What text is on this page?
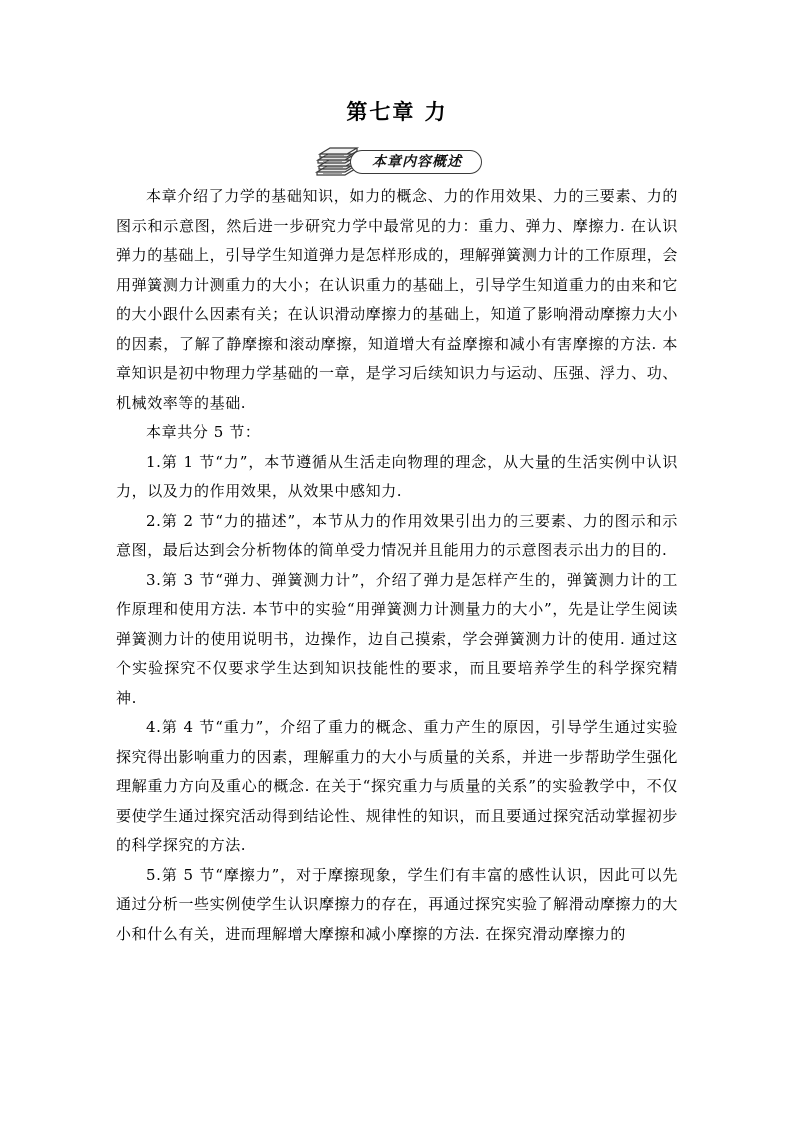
第七章 力
本章内容概述

本章介绍了力学的基础知识，如力的概念、力的作用效果、力的三要素、力的图示和示意图，然后进一步研究力学中最常见的力：重力、弹力、摩擦力. 在认识弹力的基础上，引导学生知道弹力是怎样形成的，理解弹簧测力计的工作原理，会用弹簧测力计测重力的大小；在认识重力的基础上，引导学生知道重力的由来和它的大小跟什么因素有关；在认识滑动摩擦力的基础上，知道了影响滑动摩擦力大小的因素，了解了静摩擦和滚动摩擦，知道增大有益摩擦和减小有害摩擦的方法. 本章知识是初中物理力学基础的一章，是学习后续知识力与运动、压强、浮力、功、机械效率等的基础.

本章共分 5 节：

1.第 1 节“力”，本节遵循从生活走向物理的理念，从大量的生活实例中认识力，以及力的作用效果，从效果中感知力.

2.第 2 节“力的描述”，本节从力的作用效果引出力的三要素、力的图示和示意图，最后达到会分析物体的简单受力情况并且能用力的示意图表示出力的目的.

3.第 3 节“弹力、弹簧测力计”，介绍了弹力是怎样产生的，弹簧测力计的工作原理和使用方法. 本节中的实验“用弹簧测力计测量力的大小”，先是让学生阅读弹簧测力计的使用说明书，边操作，边自己摸索，学会弹簧测力计的使用. 通过这个实验探究不仅要求学生达到知识技能性的要求，而且要培养学生的科学探究精神.

4.第 4 节“重力”，介绍了重力的概念、重力产生的原因，引导学生通过实验探究得出影响重力的因素，理解重力的大小与质量的关系，并进一步帮助学生强化理解重力方向及重心的概念. 在关于“探究重力与质量的关系”的实验教学中，不仅要使学生通过探究活动得到结论性、规律性的知识，而且要通过探究活动掌握初步的科学探究的方法.

5.第 5 节“摩擦力”，对于摩擦现象，学生们有丰富的感性认识，因此可以先通过分析一些实例使学生认识摩擦力的存在，再通过探究实验了解滑动摩擦力的大小和什么有关，进而理解增大摩擦和减小摩擦的方法. 在探究滑动摩擦力的
